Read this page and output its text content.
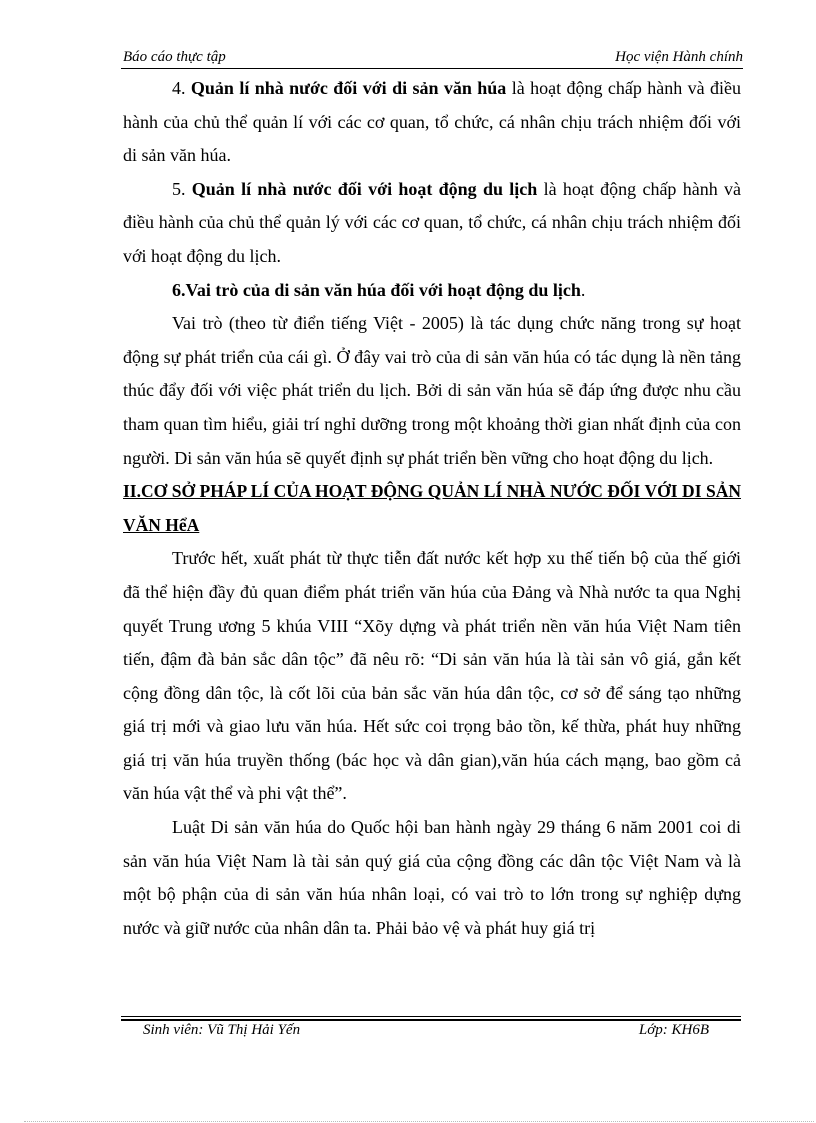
Báo cáo thực tập	Học viện Hành chính

4. Quản lí nhà nước đối với di sản văn húa là hoạt động chấp hành và điều hành của chủ thể quản lí với các cơ quan, tổ chức, cá nhân chịu trách nhiệm đối với di sản văn húa.

5. Quản lí nhà nước đối với hoạt động du lịch là hoạt động chấp hành và điều hành của chủ thể quản lý với các cơ quan, tổ chức, cá nhân chịu trách nhiệm đối với hoạt động du lịch.

6.Vai trò của di sản văn húa đối với hoạt động du lịch.

Vai trò (theo từ điển tiếng Việt - 2005) là tác dụng chức năng trong sự hoạt động sự phát triển của cái gì. Ở đây vai trò của di sản văn húa có tác dụng là nền tảng thúc đẩy đối với việc phát triển du lịch. Bởi di sản văn húa sẽ đáp ứng được nhu cầu tham quan tìm hiểu, giải trí nghỉ dưỡng trong một khoảng thời gian nhất định của con người. Di sản văn húa sẽ quyết định sự phát triển bền vững cho hoạt động du lịch.

II.CƠ SỞ PHÁP LÍ CỦA HOẠT ĐỘNG QUẢN LÍ NHÀ NƯỚC ĐỐI VỚI DI SẢN VĂN HểA

Trước hết, xuất phát từ thực tiễn đất nước kết hợp xu thế tiến bộ của thế giới đã thể hiện đầy đủ quan điểm phát triển văn húa của Đảng và Nhà nước ta qua Nghị quyết Trung ương 5 khúa VIII “Xõy dựng và phát triển nền văn húa Việt Nam tiên tiến, đậm đà bản sắc dân tộc” đã nêu rõ: “Di sản văn húa là tài sản vô giá, gắn kết cộng đồng dân tộc, là cốt lõi của bản sắc văn húa dân tộc, cơ sở để sáng tạo những giá trị mới và giao lưu văn húa. Hết sức coi trọng bảo tồn, kế thừa, phát huy những giá trị văn húa truyền thống (bác học và dân gian),văn húa cách mạng, bao gồm cả văn húa vật thể và phi vật thể”.

Luật Di sản văn húa do Quốc hội ban hành ngày 29 tháng 6 năm 2001 coi di sản văn húa Việt Nam là tài sản quý giá của cộng đồng các dân tộc Việt Nam và là một bộ phận của di sản văn húa nhân loại, có vai trò to lớn trong sự nghiệp dựng nước và giữ nước của nhân dân ta. Phải bảo vệ và phát huy giá trị

Sinh viên: Vũ Thị Hải Yến	Lớp: KH6B
